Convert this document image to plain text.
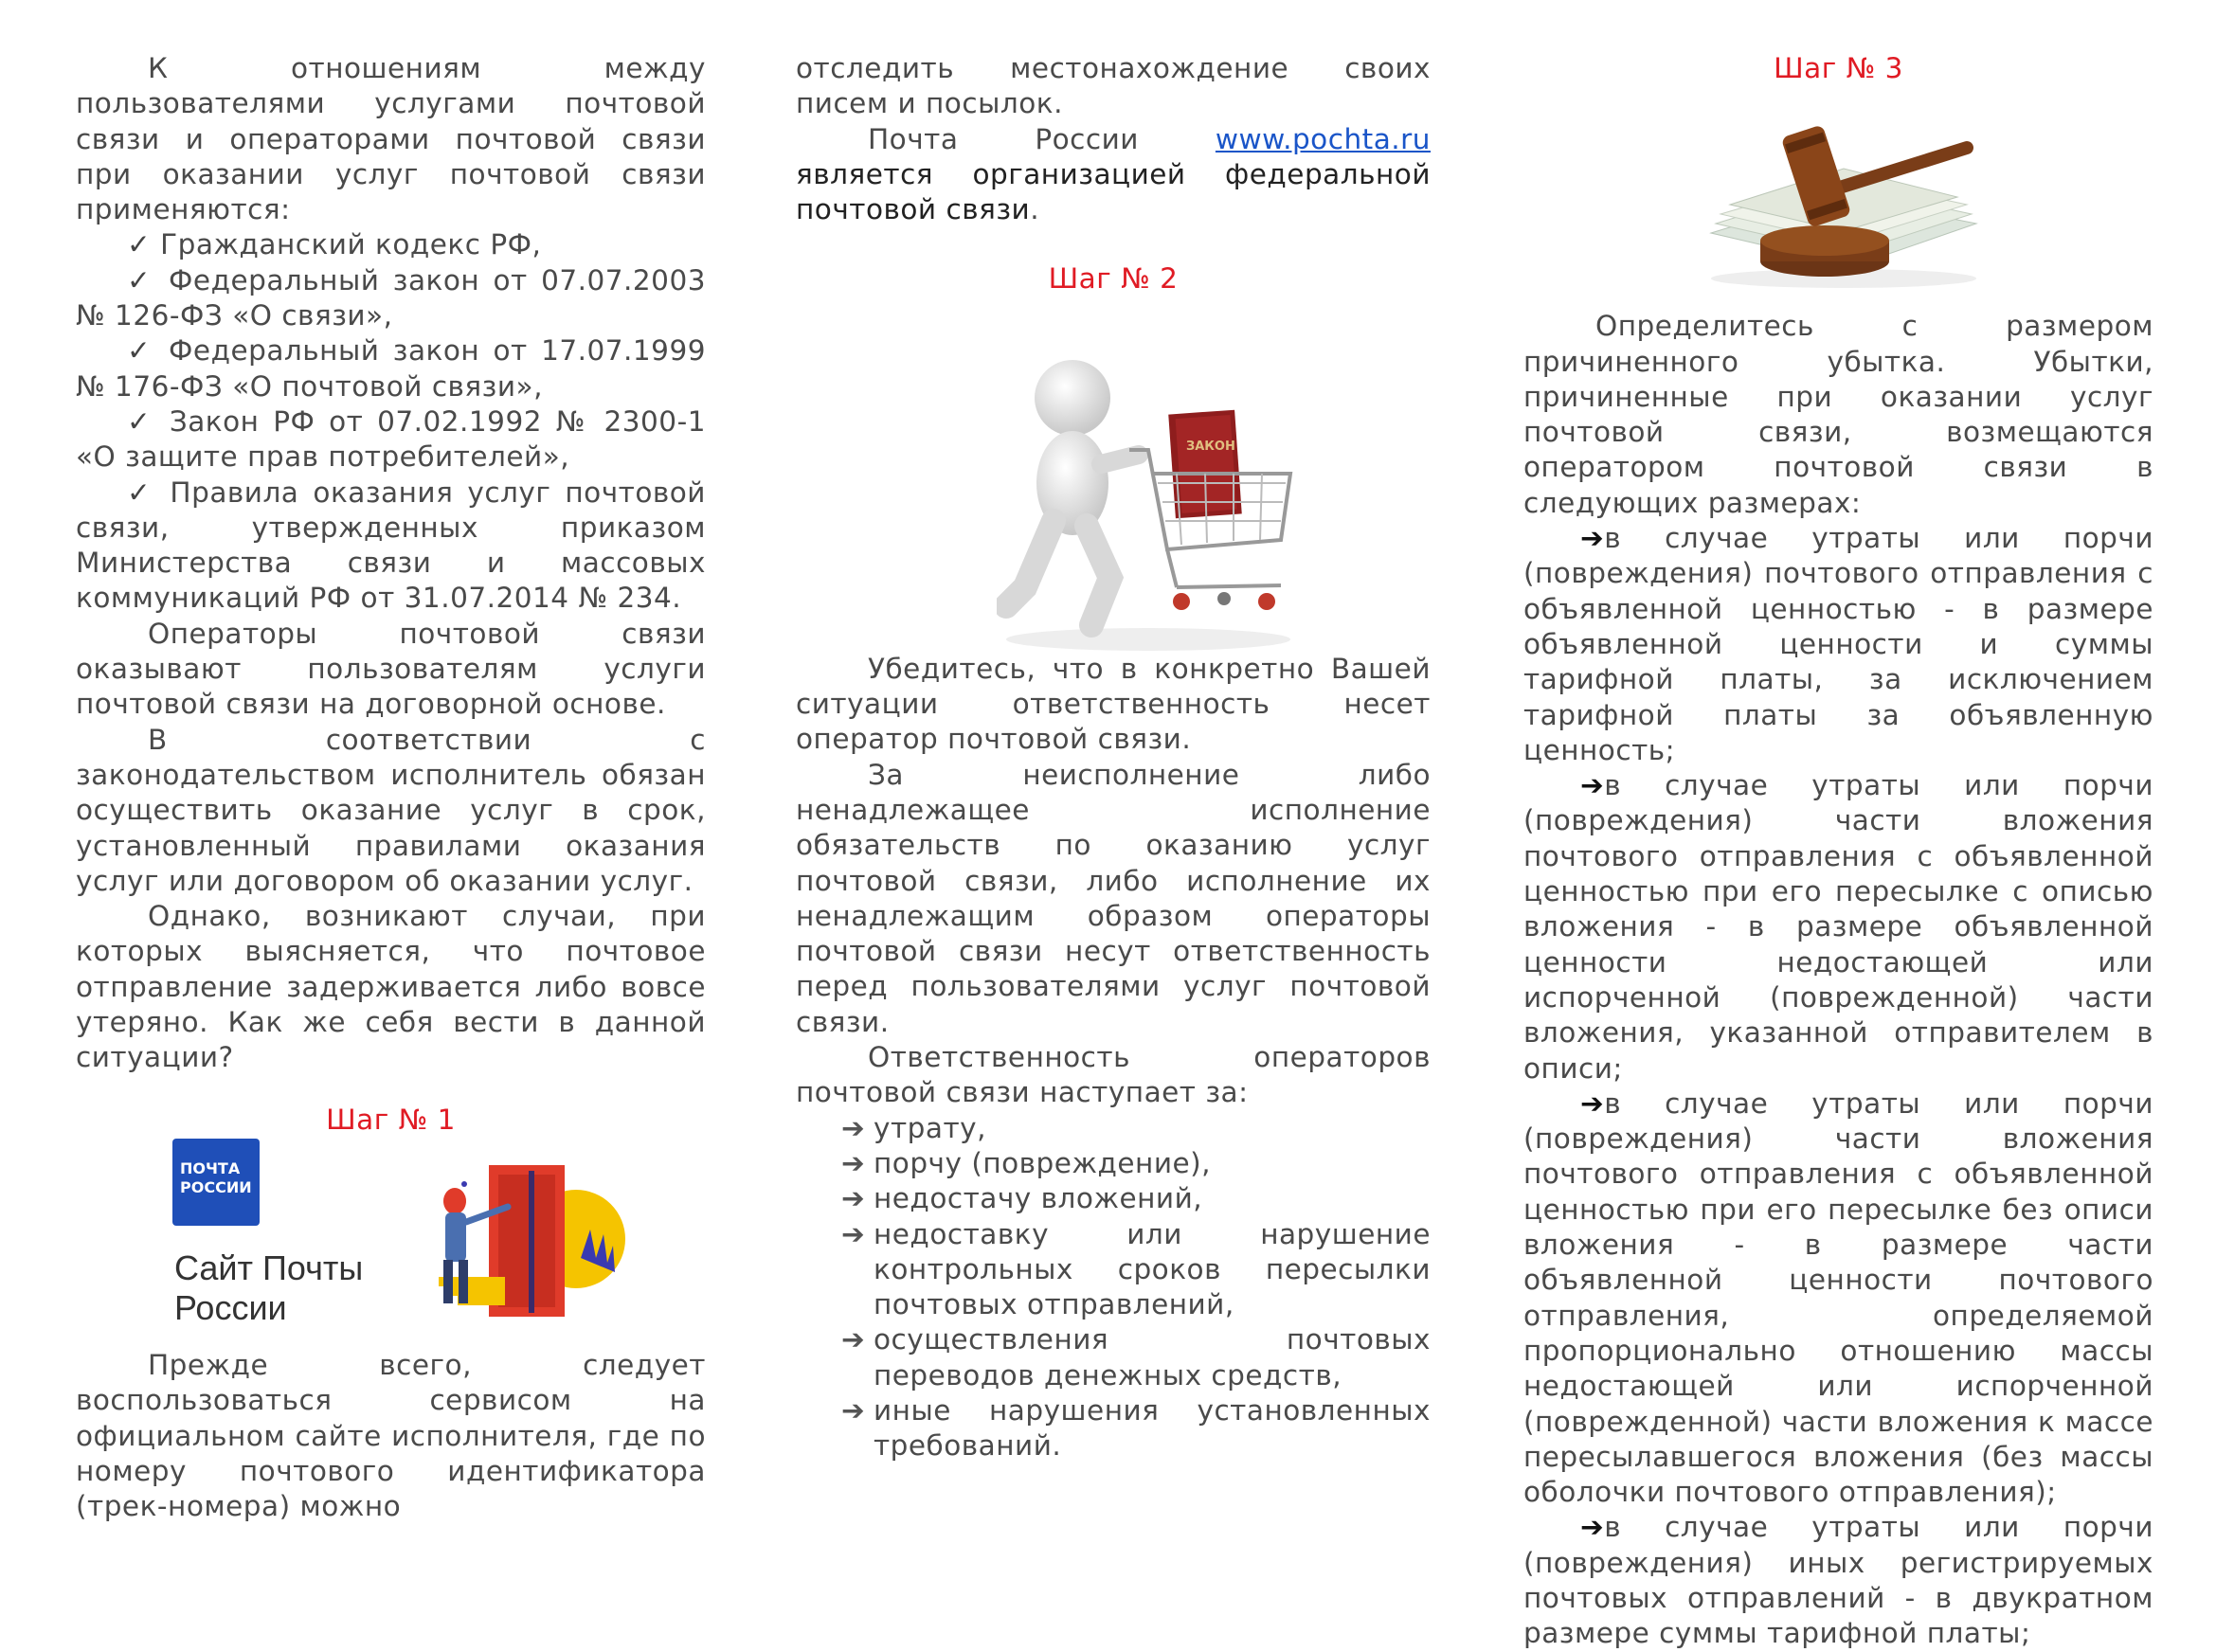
К отношениям между пользователями услугами почтовой связи и операторами почтовой связи при оказании услуг почтовой связи применяются:

✓ Гражданский кодекс РФ,

✓ Федеральный закон от 07.07.2003 № 126-ФЗ «О связи»,

✓ Федеральный закон от 17.07.1999 № 176-ФЗ «О почтовой связи»,

✓ Закон РФ от 07.02.1992 № 2300-1 «О защите прав потребителей»,

✓ Правила оказания услуг почтовой связи, утвержденных приказом Министерства связи и массовых коммуникаций РФ от 31.07.2014 № 234.

Операторы почтовой связи оказывают пользователям услуги почтовой связи на договорной основе.

В соответствии с законодательством исполнитель обязан осуществить оказание услуг в срок, установленный правилами оказания услуг или договором об оказании услуг.

Однако, возникают случаи, при которых выясняется, что почтовое отправление задерживается либо вовсе утеряно. Как же себя вести в данной ситуации?

Шаг № 1

Прежде всего, следует воспользоваться сервисом на официальном сайте исполнителя, где по номеру почтового идентификатора (трек-номера) можно

ПОЧТА РОССИИ
Сайт Почты России

отследить местонахождение своих писем и посылок.

Почта России www.pochta.ru является организацией федеральной почтовой связи.

Шаг № 2

Убедитесь, что в конкретно Вашей ситуации ответственность несет оператор почтовой связи.

За неисполнение либо ненадлежащее исполнение обязательств по оказанию услуг почтовой связи, либо исполнение их ненадлежащим образом операторы почтовой связи несут ответственность перед пользователями услуг почтовой связи.

Ответственность операторов почтовой связи наступает за:

➔ утрату,
➔ порчу (повреждение),
➔ недостачу вложений,
➔ недоставку или нарушение контрольных сроков пересылки почтовых отправлений,
➔ осуществления почтовых переводов денежных средств,
➔ иные нарушения установленных требований.
ЗАКОН

Шаг № 3

Определитесь с размером причиненного убытка. Убытки, причиненные при оказании услуг почтовой связи, возмещаются оператором почтовой связи в следующих размерах:

➔в случае утраты или порчи (повреждения) почтового отправления с объявленной ценностью - в размере объявленной ценности и суммы тарифной платы, за исключением тарифной платы за объявленную ценность;

➔в случае утраты или порчи (повреждения) части вложения почтового отправления с объявленной ценностью при его пересылке с описью вложения - в размере объявленной ценности недостающей или испорченной (поврежденной) части вложения, указанной отправителем в описи;

➔в случае утраты или порчи (повреждения) части вложения почтового отправления с объявленной ценностью при его пересылке без описи вложения - в размере части объявленной ценности почтового отправления, определяемой пропорционально отношению массы недостающей или испорченной (поврежденной) части вложения к массе пересылавшегося вложения (без массы оболочки почтового отправления);

➔в случае утраты или порчи (повреждения) иных регистрируемых почтовых отправлений - в двукратном размере суммы тарифной платы;
